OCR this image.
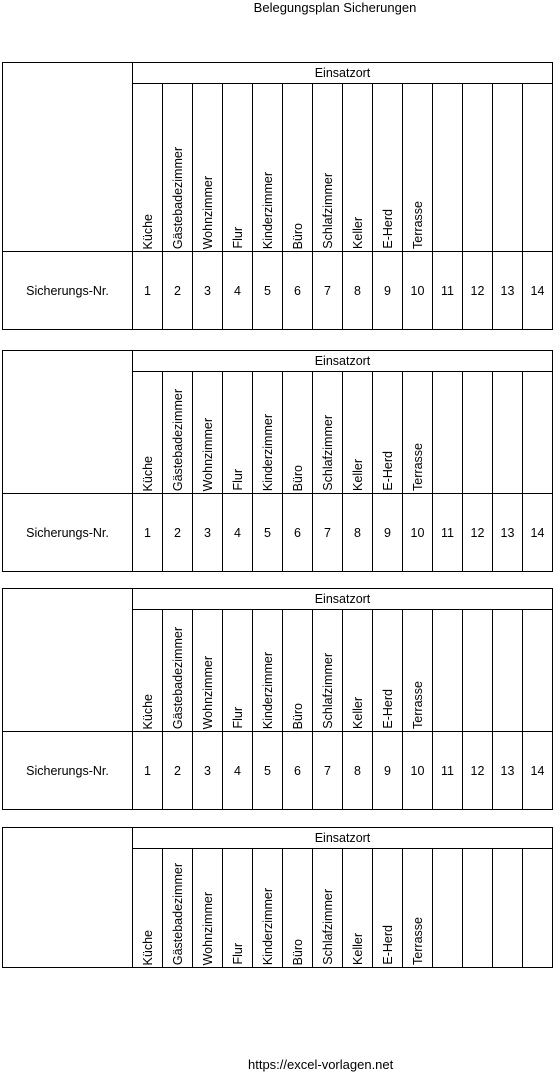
Belegungsplan Sicherungen
	Einsatzort													

	Küche	Gästebadezimmer	Wohnzimmer	Flur	Kinderzimmer	Büro	Schlafzimmer	Keller	E-Herd	Terrasse				

Sicherungs-Nr.	1	2	3	4	5	6	7	8	9	10	11	12	13	14
	Einsatzort													

	Küche	Gästebadezimmer	Wohnzimmer	Flur	Kinderzimmer	Büro	Schlafzimmer	Keller	E-Herd	Terrasse				

Sicherungs-Nr.	1	2	3	4	5	6	7	8	9	10	11	12	13	14
	Einsatzort													

	Küche	Gästebadezimmer	Wohnzimmer	Flur	Kinderzimmer	Büro	Schlafzimmer	Keller	E-Herd	Terrasse				

Sicherungs-Nr.	1	2	3	4	5	6	7	8	9	10	11	12	13	14
	Einsatzort													

	Küche	Gästebadezimmer	Wohnzimmer	Flur	Kinderzimmer	Büro	Schlafzimmer	Keller	E-Herd	Terrasse				

https://excel-vorlagen.net
